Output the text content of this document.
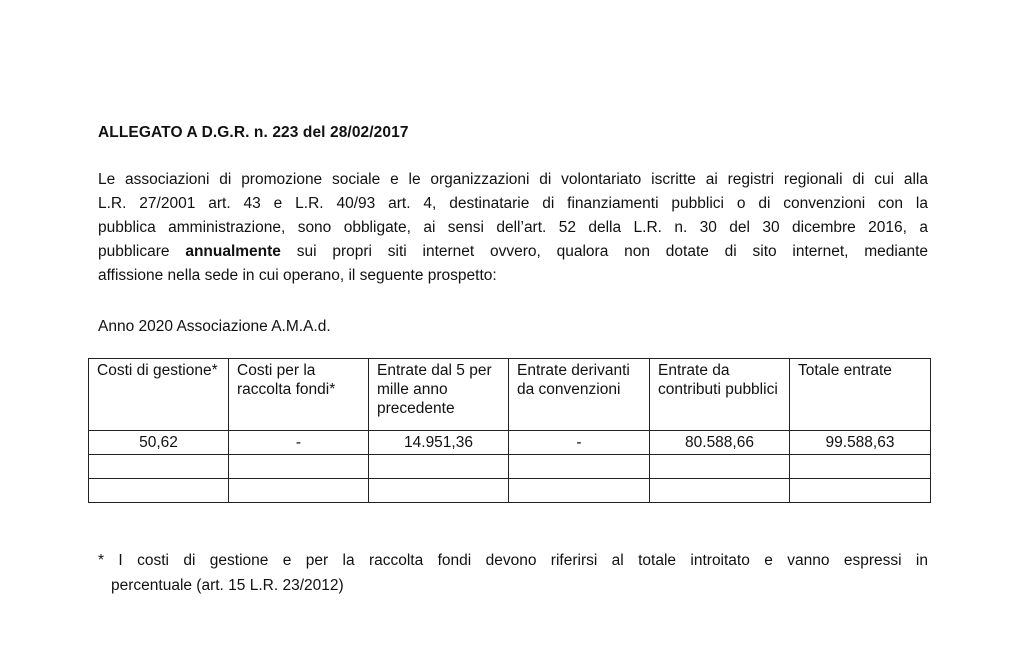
ALLEGATO A D.G.R. n. 223 del 28/02/2017
Le associazioni di promozione sociale e le organizzazioni di volontariato iscritte ai registri regionali di cui alla
L.R. 27/2001 art. 43 e L.R. 40/93 art. 4, destinatarie di finanziamenti pubblici o di convenzioni con la
pubblica amministrazione, sono obbligate, ai sensi dell’art. 52 della L.R. n. 30 del 30 dicembre 2016, a
pubblicare annualmente sui propri siti internet ovvero, qualora non dotate di sito internet, mediante
affissione nella sede in cui operano, il seguente prospetto:
Anno 2020 Associazione A.M.A.d.
Costi di gestione*	Costi per la raccolta fondi*	Entrate dal 5 per mille anno precedente	Entrate derivanti da convenzioni	Entrate da contributi pubblici	Totale entrate
50,62	-	14.951,36	-	80.588,66	99.588,63

* I costi di gestione e per la raccolta fondi devono riferirsi al totale introitato e vanno espressi in
percentuale (art. 15 L.R. 23/2012)
